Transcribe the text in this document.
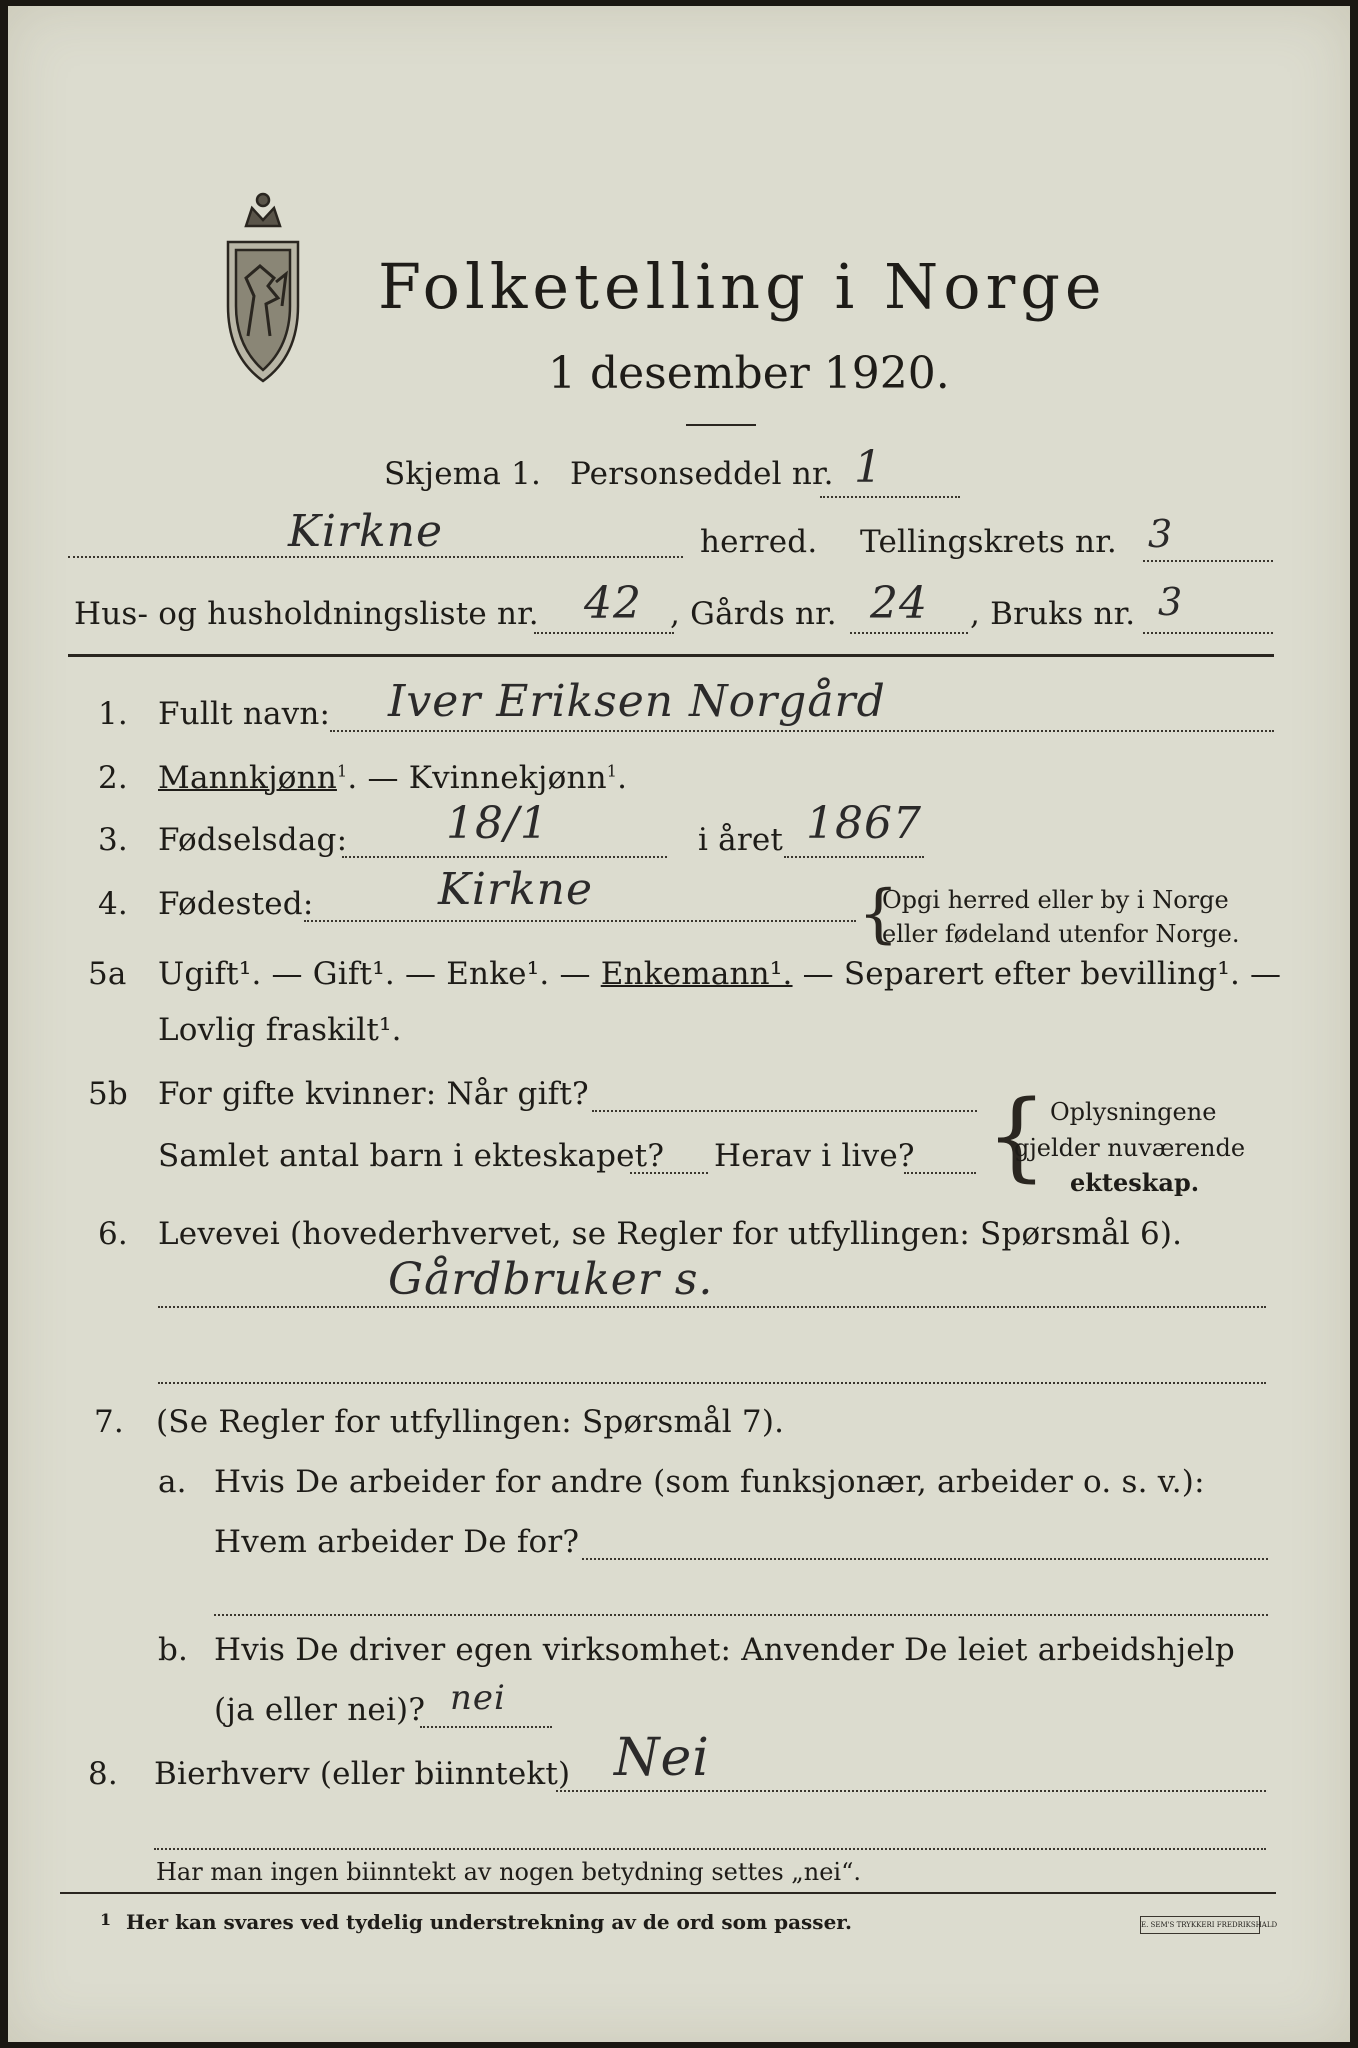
Folketelling i Norge
1 desember 1920.
Skjema 1. Personseddel nr. 1
Kirkne	herred. Tellingskrets nr. 3
Hus- og husholdningsliste nr. 42 , Gårds nr. 24 , Bruks nr. 3
1. Fullt navn: Iver Eriksen Norgård
2. Mannkjønn$^1$. — Kvinnekjønn$^1$.
3. Fødselsdag: 18/1	i året 1867
4. Fødested:	Kirkne	{
Opgi herred eller by i Norge
eller fødeland utenfor Norge.
5a Ugift¹. — Gift¹. — Enke¹. — Enkemann¹. — Separert efter bevilling¹. —
Lovlig fraskilt¹.
5b For gifte kvinner: Når gift?
Samlet antal barn i ekteskapet? Herav i live? { Oplysningene
gjelder nuværende
ekteskap.
6. Levevei (hovederhvervet, se Regler for utfyllingen: Spørsmål 6).
Gårdbruker s.
7. (Se Regler for utfyllingen: Spørsmål 7).
a. Hvis De arbeider for andre (som funksjonær, arbeider o. s. v.):
Hvem arbeider De for?
b. Hvis De driver egen virksomhet: Anvender De leiet arbeidshjelp
(ja eller nei)? nei
8. Bierhverv (eller biinntekt) Nei
Har man ingen biinntekt av nogen betydning settes „nei“.
1 Her kan svares ved tydelig understrekning av de ord som passer.	E. SEM'S TRYKKERI FREDRIKSHALD
